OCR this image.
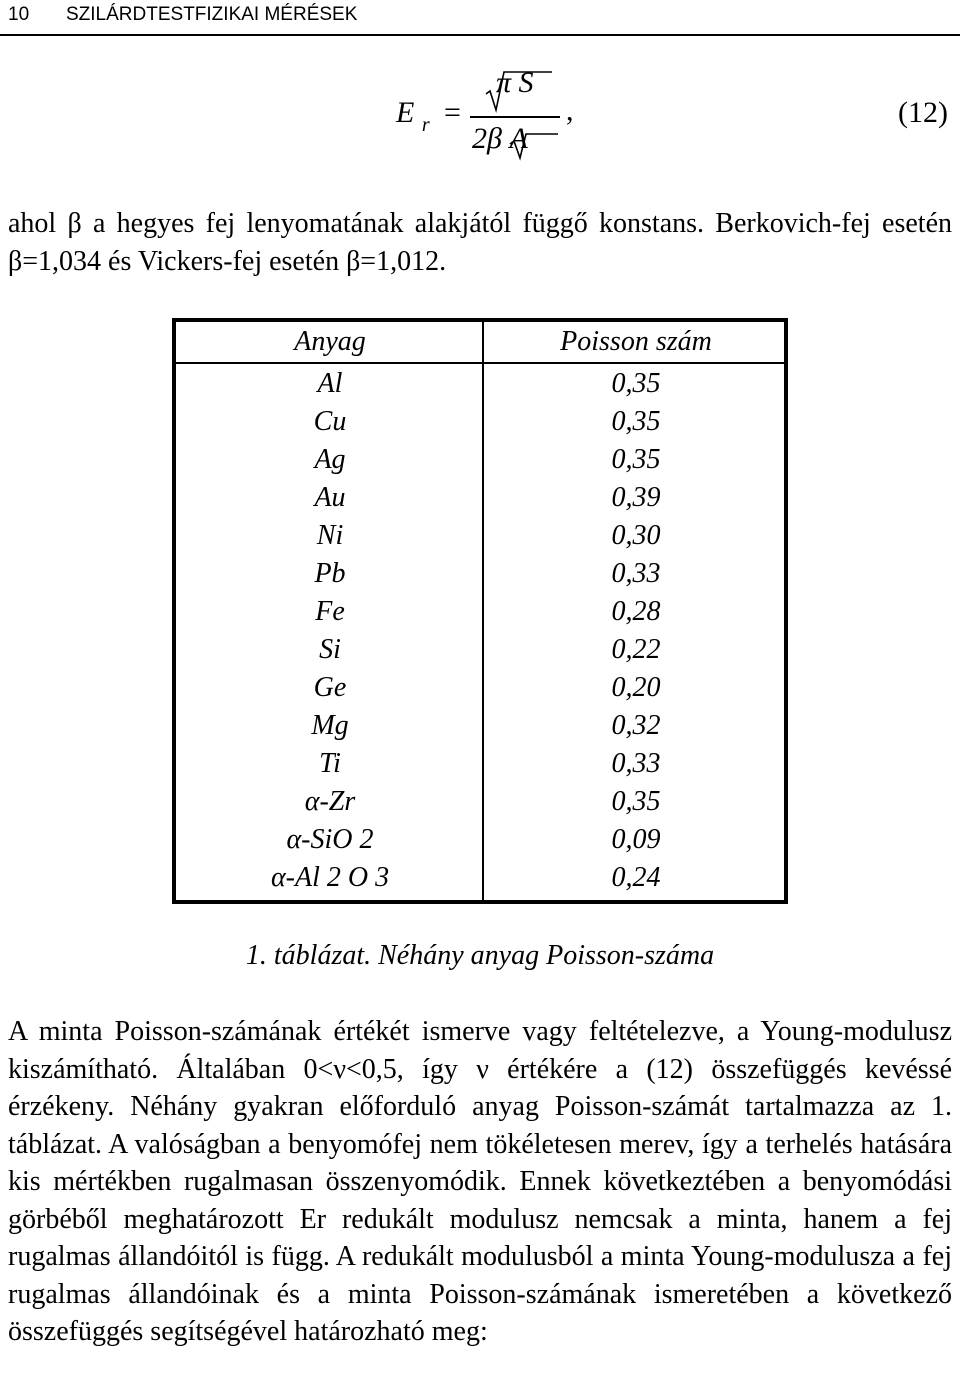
10 SZILÁRDTESTFIZIKAI MÉRÉSEK
E $_r$ =
π S
2β A
,	(12)
ahol β a hegyes fej lenyomatának alakjától függő konstans. Berkovich-fej esetén β=1,034 és Vickers-fej esetén β=1,012.
Anyag	Poisson szám
Al	0,35
Cu	0,35
Ag	0,35
Au	0,39
Ni	0,30
Pb	0,33
Fe	0,28
Si	0,22
Ge	0,20
Mg	0,32
Ti	0,33
α-Zr	0,35
α-SiO 2	0,09
α-Al 2 O 3	0,24
1. táblázat. Néhány anyag Poisson-száma
A minta Poisson-számának értékét ismerve vagy feltételezve, a Young-modulusz kiszámítható. Általában 0<ν<0,5, így ν értékére a (12) összefüggés kevéssé érzékeny. Néhány gyakran előforduló anyag Poisson-számát tartalmazza az 1. táblázat. A valóságban a benyomófej nem tökéletesen merev, így a terhelés hatására kis mértékben rugalmasan összenyomódik. Ennek következtében a benyomódási görbéből meghatározott Er redukált modulusz nemcsak a minta, hanem a fej rugalmas állandóitól is függ. A redukált modulusból a minta Young-modulusza a fej rugalmas állandóinak és a minta Poisson-számának ismeretében a következő összefüggés segítségével határozható meg:
